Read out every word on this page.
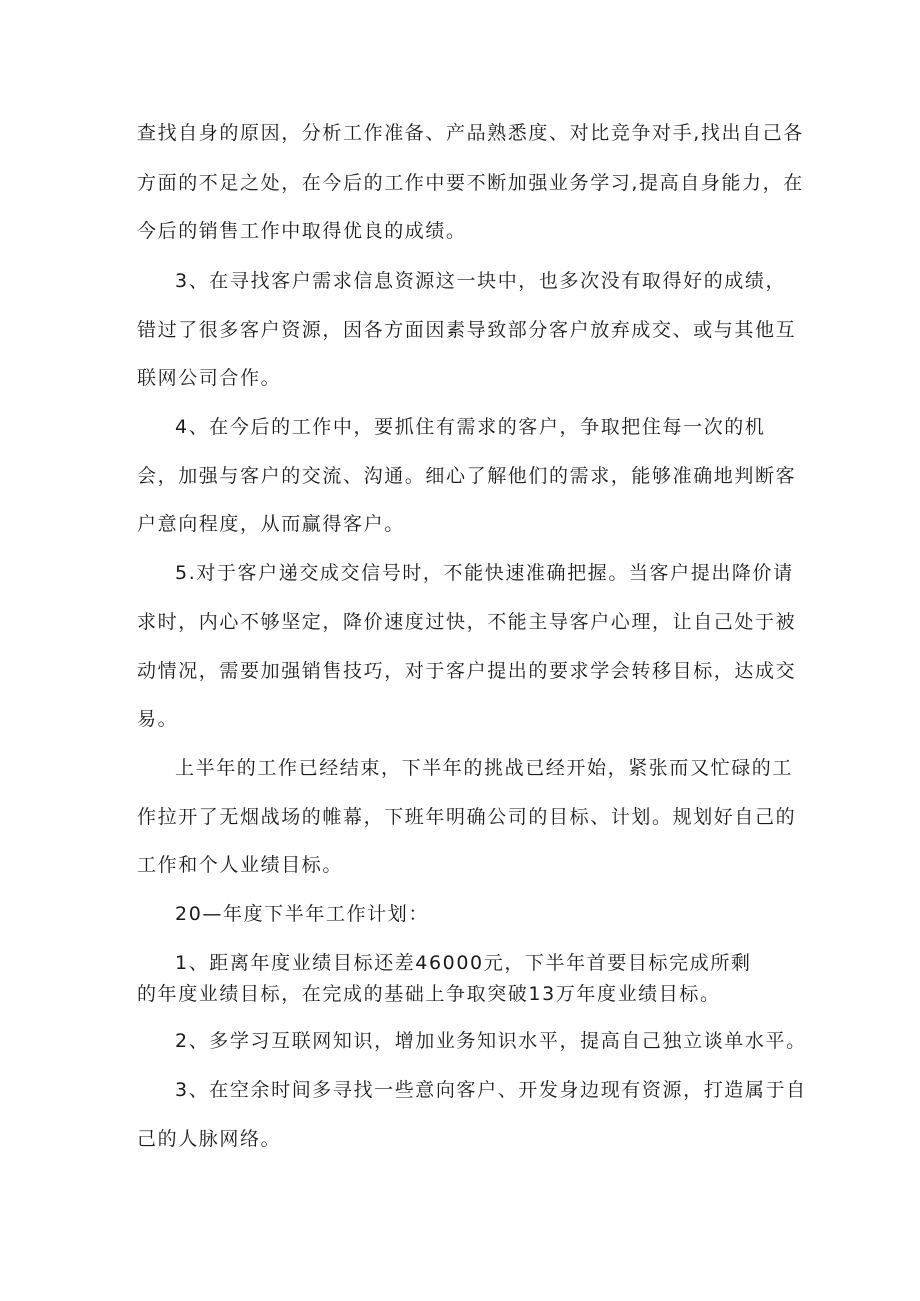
查找自身的原因，分析工作准备、产品熟悉度、对比竞争对手,找出自己各
方面的不足之处，在今后的工作中要不断加强业务学习,提高自身能力，在
今后的销售工作中取得优良的成绩。
3、在寻找客户需求信息资源这一块中，也多次没有取得好的成绩，
错过了很多客户资源，因各方面因素导致部分客户放弃成交、或与其他互
联网公司合作。
4、在今后的工作中，要抓住有需求的客户，争取把住每一次的机
会，加强与客户的交流、沟通。细心了解他们的需求，能够准确地判断客
户意向程度，从而赢得客户。
5.对于客户递交成交信号时，不能快速准确把握。当客户提出降价请
求时，内心不够坚定，降价速度过快，不能主导客户心理，让自己处于被
动情况，需要加强销售技巧，对于客户提出的要求学会转移目标，达成交
易。
上半年的工作已经结束，下半年的挑战已经开始，紧张而又忙碌的工
作拉开了无烟战场的帷幕，下班年明确公司的目标、计划。规划好自己的
工作和个人业绩目标。
20—年度下半年工作计划：
1、距离年度业绩目标还差46000元，下半年首要目标完成所剩
的年度业绩目标，在完成的基础上争取突破13万年度业绩目标。
2、多学习互联网知识，增加业务知识水平，提高自己独立谈单水平。
3、在空余时间多寻找一些意向客户、开发身边现有资源，打造属于自
己的人脉网络。
